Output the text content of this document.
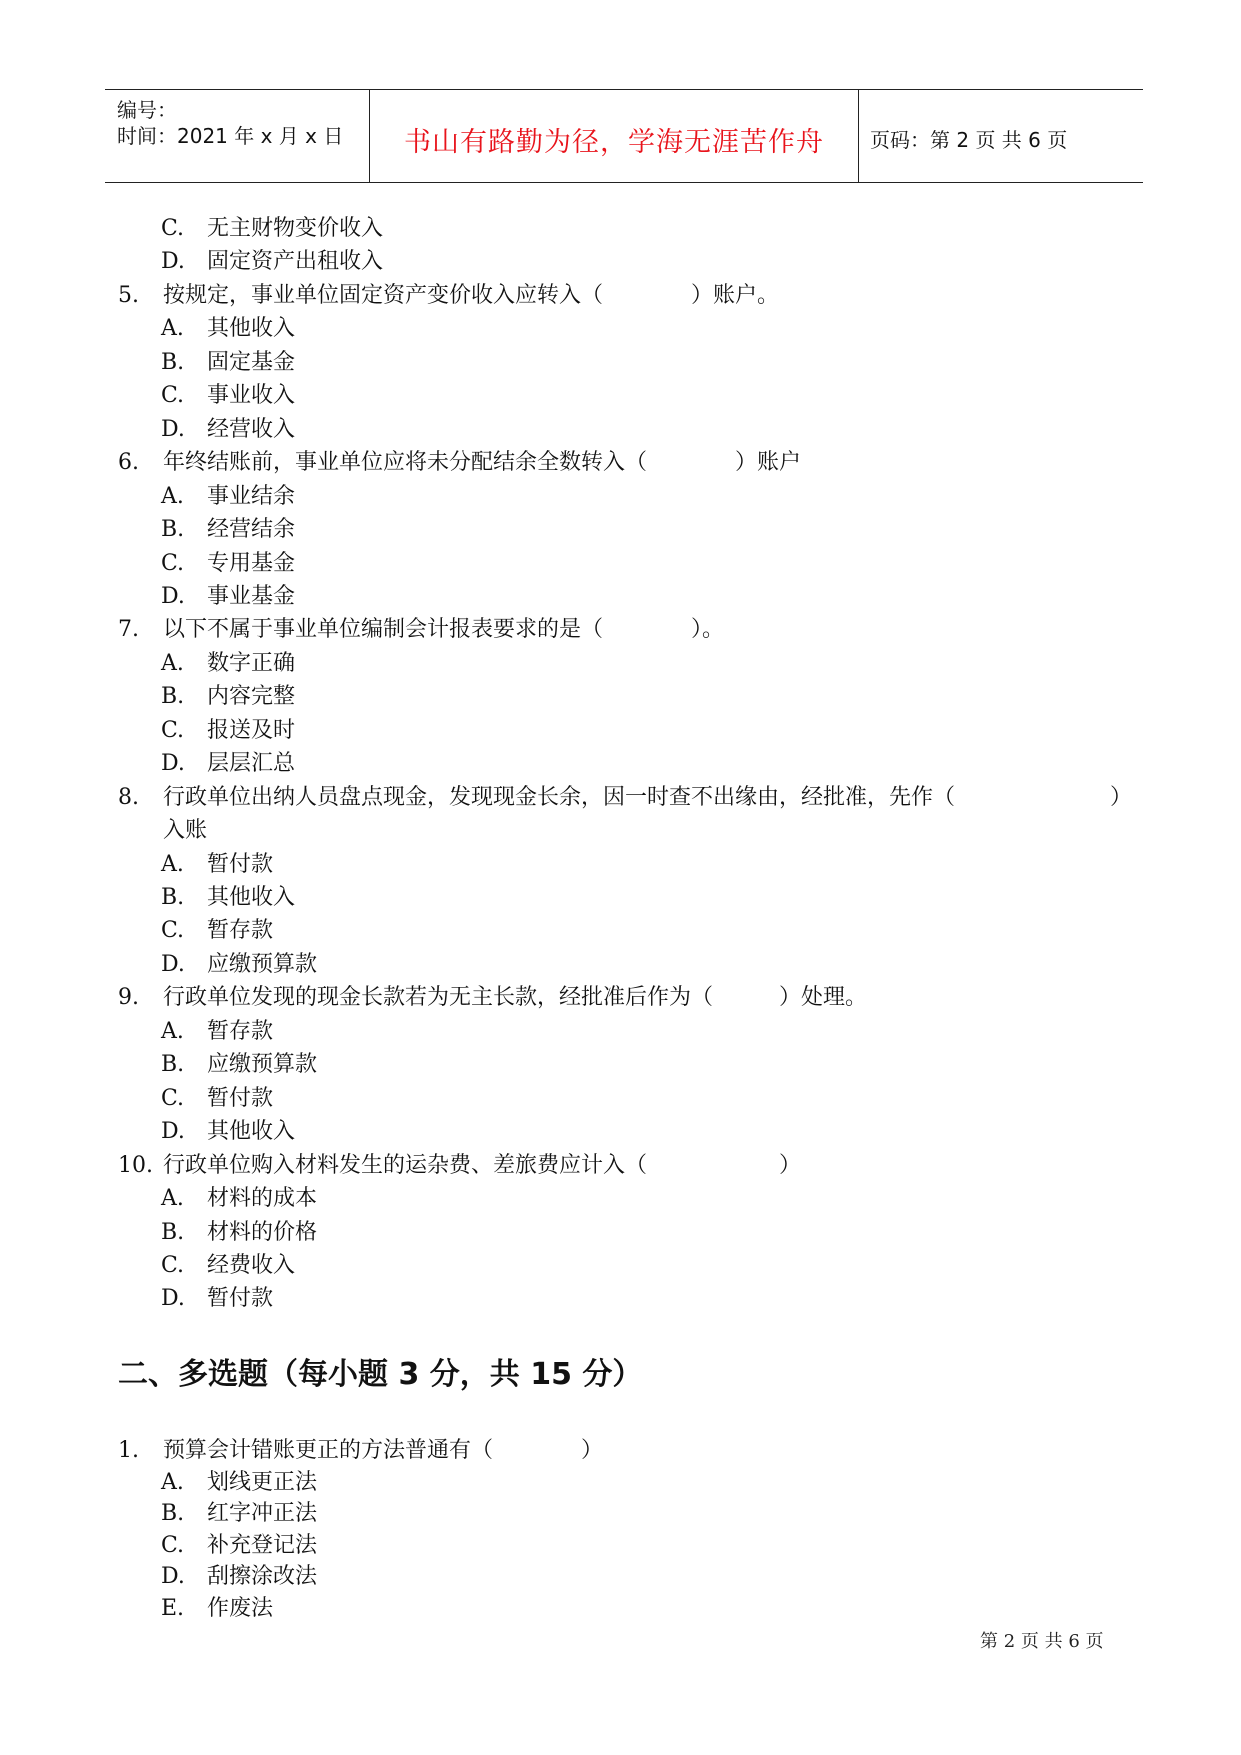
编号：
时间：2021 年 x 月 x 日	书山有路勤为径，学海无涯苦作舟	页码：第 2 页 共 6 页
C. 无主财物变价收入
D. 固定资产出租收入
5. 按规定，事业单位固定资产变价收入应转入（　　　　）账户。
A. 其他收入
B. 固定基金
C. 事业收入
D. 经营收入
6. 年终结账前，事业单位应将未分配结余全数转入（　　　　）账户
A. 事业结余
B. 经营结余
C. 专用基金
D. 事业基金
7. 以下不属于事业单位编制会计报表要求的是（　　　　）。
A. 数字正确
B. 内容完整
C. 报送及时
D. 层层汇总
8. 行政单位出纳人员盘点现金，发现现金长余，因一时查不出缘由，经批准，先作（	）
入账
A. 暂付款
B. 其他收入
C. 暂存款
D. 应缴预算款
9. 行政单位发现的现金长款若为无主长款，经批准后作为（　　　）处理。
A. 暂存款
B. 应缴预算款
C. 暂付款
D. 其他收入
10. 行政单位购入材料发生的运杂费、差旅费应计入（　　　　　　）
A. 材料的成本
B. 材料的价格
C. 经费收入
D. 暂付款
二、多选题（每小题 3 分，共 15 分）
1. 预算会计错账更正的方法普通有（　　　　）
A. 划线更正法
B. 红字冲正法
C. 补充登记法
D. 刮擦涂改法
E. 作废法
第 2 页 共 6 页
